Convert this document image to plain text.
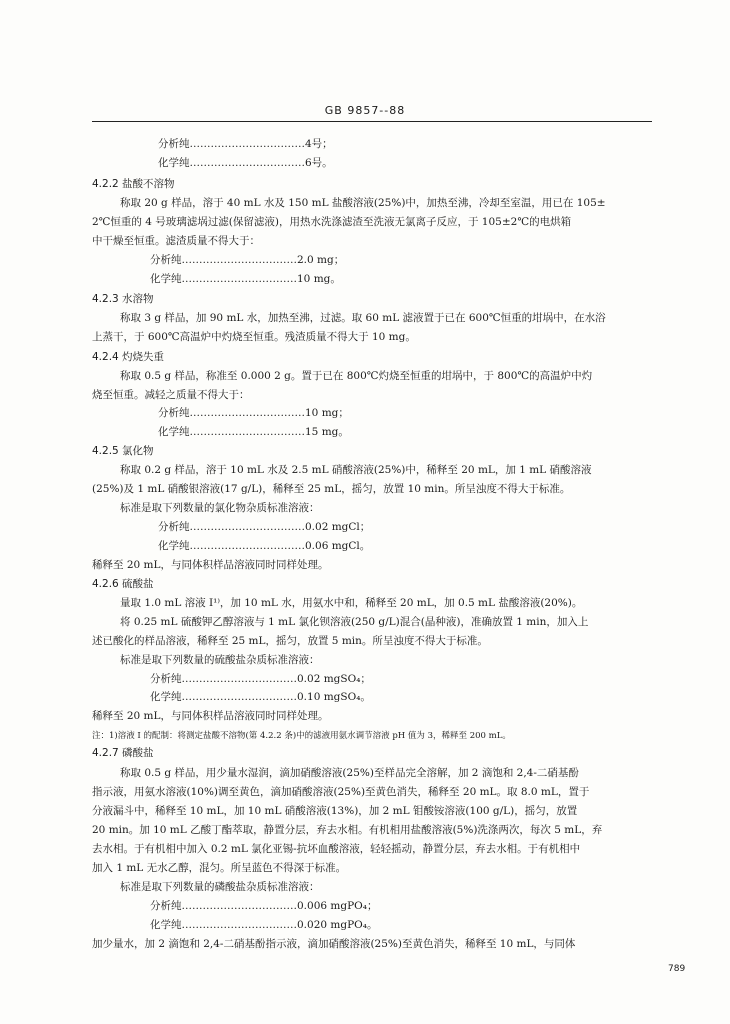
GB 9857--88
分析纯……………………………4号；
化学纯……………………………6号。
4.2.2 盐酸不溶物
称取 20 g 样品，溶于 40 mL 水及 150 mL 盐酸溶液(25%)中，加热至沸，冷却至室温，用已在 105±
2℃恒重的 4 号玻璃滤埚过滤(保留滤液)，用热水洗涤滤渣至洗液无氯离子反应，于 105±2℃的电烘箱
中干燥至恒重。滤渣质量不得大于：
分析纯……………………………2.0 mg；
化学纯……………………………10 mg。
4.2.3 水溶物
称取 3 g 样品，加 90 mL 水，加热至沸，过滤。取 60 mL 滤液置于已在 600℃恒重的坩埚中，在水浴
上蒸干，于 600℃高温炉中灼烧至恒重。残渣质量不得大于 10 mg。
4.2.4 灼烧失重
称取 0.5 g 样品，称准至 0.000 2 g。置于已在 800℃灼烧至恒重的坩埚中，于 800℃的高温炉中灼
烧至恒重。减轻之质量不得大于：
分析纯……………………………10 mg；
化学纯……………………………15 mg。
4.2.5 氯化物
称取 0.2 g 样品，溶于 10 mL 水及 2.5 mL 硝酸溶液(25%)中，稀释至 20 mL，加 1 mL 硝酸溶液
(25%)及 1 mL 硝酸银溶液(17 g/L)，稀释至 25 mL，摇匀，放置 10 min。所呈浊度不得大于标准。
标准是取下列数量的氯化物杂质标准溶液：
分析纯……………………………0.02 mgCl；
化学纯……………………………0.06 mgCl。
稀释至 20 mL，与同体积样品溶液同时同样处理。
4.2.6 硫酸盐
量取 1.0 mL 溶液 I¹⁾，加 10 mL 水，用氨水中和，稀释至 20 mL，加 0.5 mL 盐酸溶液(20%)。
将 0.25 mL 硫酸钾乙醇溶液与 1 mL 氯化钡溶液(250 g/L)混合(晶种液)，准确放置 1 min，加入上
述已酸化的样品溶液，稀释至 25 mL，摇匀，放置 5 min。所呈浊度不得大于标准。
标准是取下列数量的硫酸盐杂质标准溶液：
分析纯……………………………0.02 mgSO₄；
化学纯……………………………0.10 mgSO₄。
稀释至 20 mL，与同体积样品溶液同时同样处理。
注：1)溶液 I 的配制：将测定盐酸不溶物(第 4.2.2 条)中的滤液用氨水调节溶液 pH 值为 3，稀释至 200 mL。
4.2.7 磷酸盐
称取 0.5 g 样品，用少量水湿润，滴加硝酸溶液(25%)至样品完全溶解，加 2 滴饱和 2,4-二硝基酚
指示液，用氨水溶液(10%)调至黄色，滴加硝酸溶液(25%)至黄色消失，稀释至 20 mL。取 8.0 mL，置于
分液漏斗中，稀释至 10 mL，加 10 mL 硝酸溶液(13%)，加 2 mL 钼酸铵溶液(100 g/L)，摇匀，放置
20 min。加 10 mL 乙酸丁酯萃取，静置分层，弃去水相。有机相用盐酸溶液(5%)洗涤两次，每次 5 mL，弃
去水相。于有机相中加入 0.2 mL 氯化亚锡-抗坏血酸溶液，轻轻摇动，静置分层，弃去水相。于有机相中
加入 1 mL 无水乙醇，混匀。所呈蓝色不得深于标准。
标准是取下列数量的磷酸盐杂质标准溶液：
分析纯……………………………0.006 mgPO₄；
化学纯……………………………0.020 mgPO₄。
加少量水，加 2 滴饱和 2,4-二硝基酚指示液，滴加硝酸溶液(25%)至黄色消失，稀释至 10 mL，与同体
789
